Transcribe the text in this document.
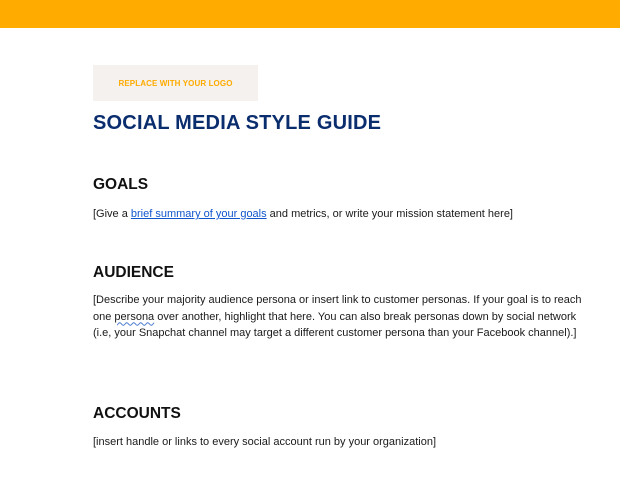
REPLACE WITH YOUR LOGO
SOCIAL MEDIA STYLE GUIDE
GOALS

[Give a brief summary of your goals and metrics, or write your mission statement here]

AUDIENCE

[Describe your majority audience persona or insert link to customer personas. If your goal is to reach one persona over another, highlight that here. You can also break personas down by social network (i.e, your Snapchat channel may target a different customer persona than your Facebook channel).]

ACCOUNTS

[insert handle or links to every social account run by your organization]
